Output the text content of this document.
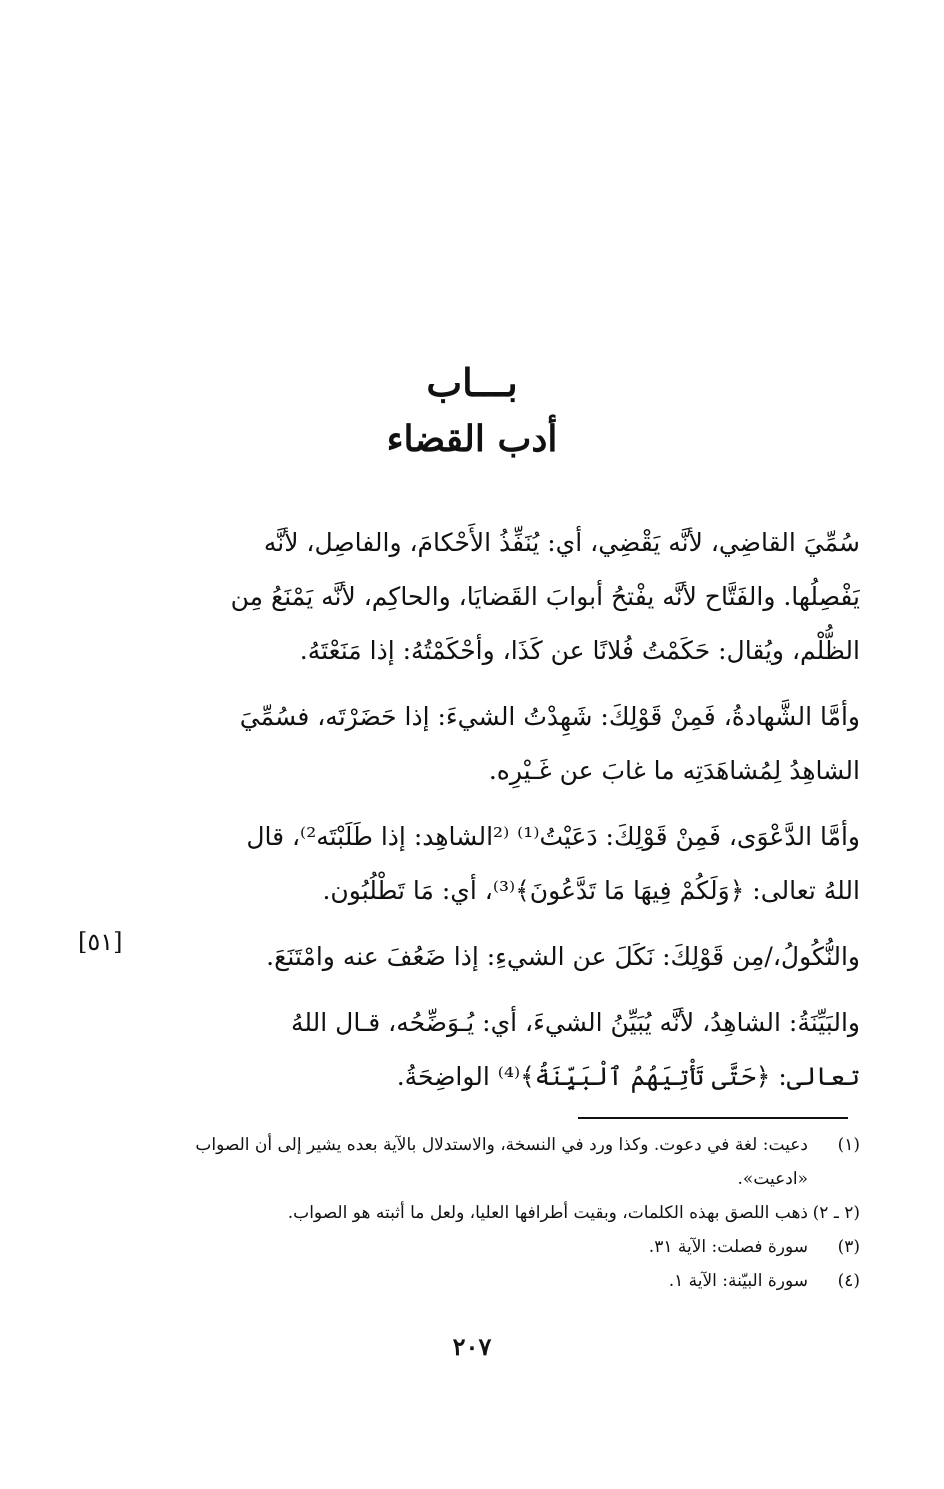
بـــاب
أدب القضاء
سُمِّيَ القاضِي، لأنَّه يَقْضِي، أي: يُنَفِّذُ الأَحْكامَ، والفاصِل، لأنَّه
يَفْصِلُها. والفَتَّاح لأنَّه يفْتحُ أبوابَ القَضايَا، والحاكِم، لأنَّه يَمْنَعُ مِن
الظُّلْم، ويُقال: حَكَمْتُ فُلانًا عن كَذَا، وأحْكَمْتُهُ: إذا مَنَعْتَهُ.
وأمَّا الشَّهادةُ، فَمِنْ قَوْلِكَ: شَهِدْتُ الشيءَ: إذا حَضَرْتَه، فسُمِّيَ
الشاهِدُ لِمُشاهَدَتِه ما غابَ عن غَـيْرِه.
وأمَّا الدَّعْوَى، فَمِنْ قَوْلِكَ: دَعَيْتُ⁽¹⁾ ⁽²الشاهِد: إذا طَلَبْتَه²⁾، قال
اللهُ تعالى: ﴿وَلَكُمْ فِيهَا مَا تَدَّعُونَ﴾⁽³⁾، أي: مَا تَطْلُبُون.
والنُّكُولُ،/مِن قَوْلِكَ: نَكَلَ عن الشيءِ: إذا ضَعُفَ عنه وامْتَنَعَ.
والبَيِّنَةُ: الشاهِدُ، لأنَّه يُبَيِّنُ الشيءَ، أي: يُـوَضِّحُه، قـال اللهُ
تعالى: ﴿حَتَّى تَأْتِيَهُمُ ٱلْبَيِّنَةُ﴾⁽⁴⁾ الواضِحَةُ.
[٥١]
(١)
دعيت: لغة في دعوت. وكذا ورد في النسخة، والاستدلال بالآية بعده يشير إلى أن الصواب «ادعيت».
(٢ ـ ٢)
ذهب اللصق بهذه الكلمات، وبقيت أطرافها العليا، ولعل ما أثبته هو الصواب.
(٣)
سورة فصلت: الآية ٣١.
(٤)
سورة البيّنة: الآية ١.
٢٠٧
